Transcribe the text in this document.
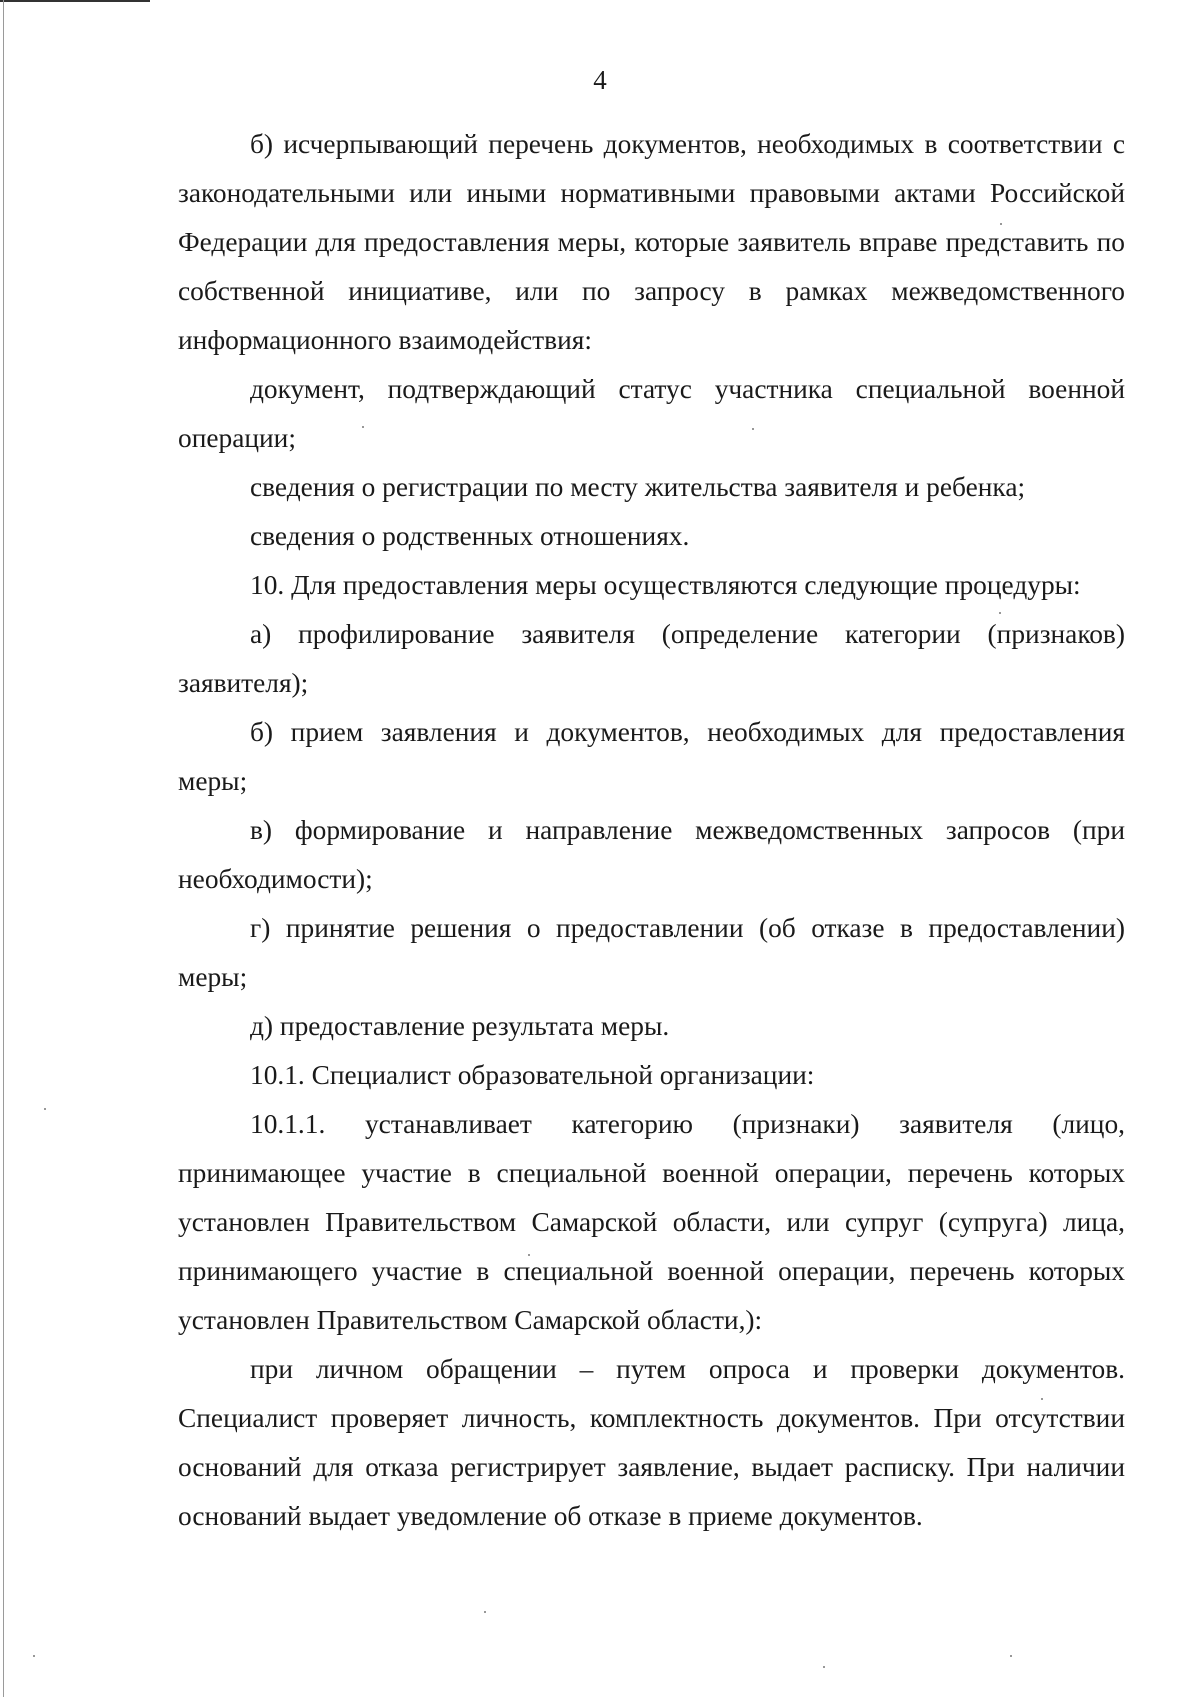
4

б) исчерпывающий перечень документов, необходимых в соответствии с законодательными или иными нормативными правовыми актами Российской Федерации для предоставления меры, которые заявитель вправе представить по собственной инициативе, или по запросу в рамках межведомственного информационного взаимодействия:

документ, подтверждающий статус участника специальной военной операции;

сведения о регистрации по месту жительства заявителя и ребенка;

сведения о родственных отношениях.

10. Для предоставления меры осуществляются следующие процедуры:

а) профилирование заявителя (определение категории (признаков) заявителя);

б) прием заявления и документов, необходимых для предоставления меры;

в) формирование и направление межведомственных запросов (при необходимости);

г) принятие решения о предоставлении (об отказе в предоставлении) меры;

д) предоставление результата меры.

10.1. Специалист образовательной организации:

10.1.1. устанавливает категорию (признаки) заявителя (лицо, принимающее участие в специальной военной операции, перечень которых установлен Правительством Самарской области, или супруг (супруга) лица, принимающего участие в специальной военной операции, перечень которых установлен Правительством Самарской области,):

при личном обращении – путем опроса и проверки документов. Специалист проверяет личность, комплектность документов. При отсутствии оснований для отказа регистрирует заявление, выдает расписку. При наличии оснований выдает уведомление об отказе в приеме документов.
